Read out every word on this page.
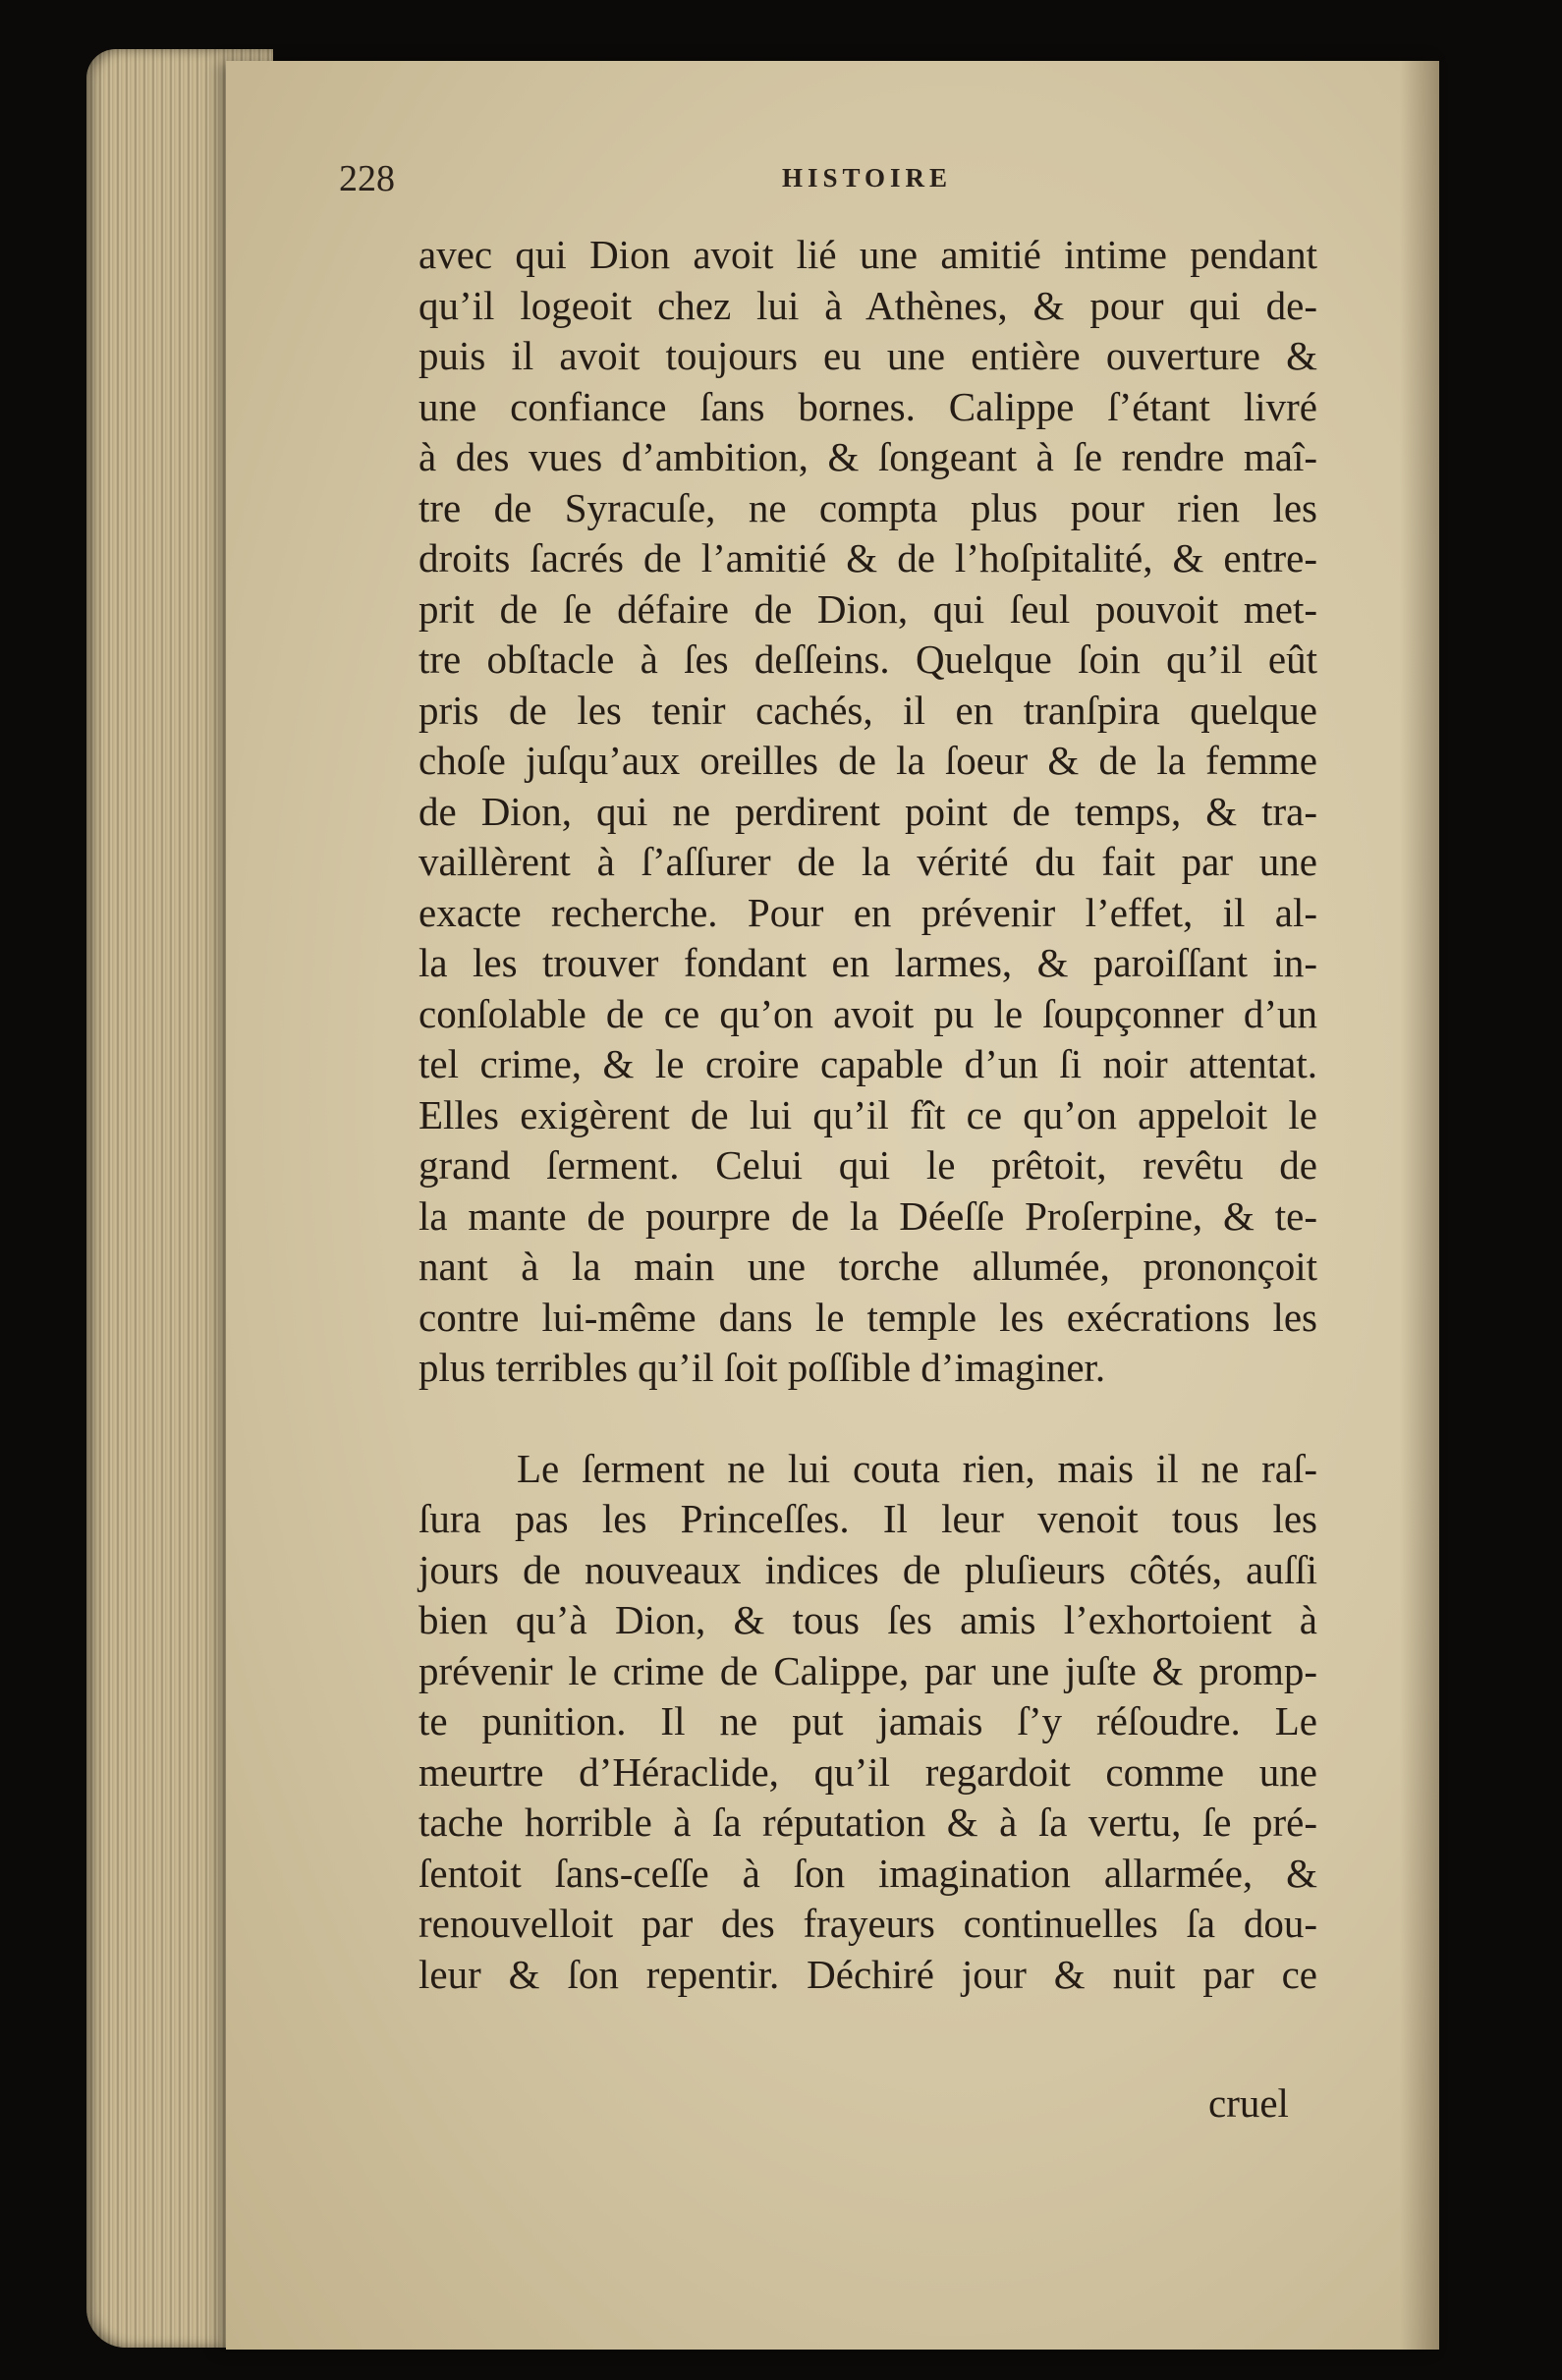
228	HISTOIRE

avec qui Dion avoit lié une amitié intime pendant
qu’il logeoit chez lui à Athènes, & pour qui de-
puis il avoit toujours eu une entière ouverture &
une confiance ſans bornes. Calippe ſ’étant livré
à des vues d’ambition, & ſongeant à ſe rendre maî-
tre de Syracuſe, ne compta plus pour rien les
droits ſacrés de l’amitié & de l’hoſpitalité, & entre-
prit de ſe défaire de Dion, qui ſeul pouvoit met-
tre obſtacle à ſes deſſeins. Quelque ſoin qu’il eût
pris de les tenir cachés, il en tranſpira quelque
choſe juſqu’aux oreilles de la ſoeur & de la femme
de Dion, qui ne perdirent point de temps, & tra-
vaillèrent à ſ’aſſurer de la vérité du fait par une
exacte recherche. Pour en prévenir l’effet, il al-
la les trouver fondant en larmes, & paroiſſant in-
conſolable de ce qu’on avoit pu le ſoupçonner d’un
tel crime, & le croire capable d’un ſi noir attentat.
Elles exigèrent de lui qu’il fît ce qu’on appeloit le
grand ſerment. Celui qui le prêtoit, revêtu de
la mante de pourpre de la Déeſſe Proſerpine, & te-
nant à la main une torche allumée, prononçoit
contre lui-même dans le temple les exécrations les
plus terribles qu’il ſoit poſſible d’imaginer.

Le ſerment ne lui couta rien, mais il ne raſ-
ſura pas les Princeſſes. Il leur venoit tous les
jours de nouveaux indices de pluſieurs côtés, auſſi
bien qu’à Dion, & tous ſes amis l’exhortoient à
prévenir le crime de Calippe, par une juſte & promp-
te punition. Il ne put jamais ſ’y réſoudre. Le
meurtre d’Héraclide, qu’il regardoit comme une
tache horrible à ſa réputation & à ſa vertu, ſe pré-
ſentoit ſans-ceſſe à ſon imagination allarmée, &
renouvelloit par des frayeurs continuelles ſa dou-
leur & ſon repentir. Déchiré jour & nuit par ce

cruel
